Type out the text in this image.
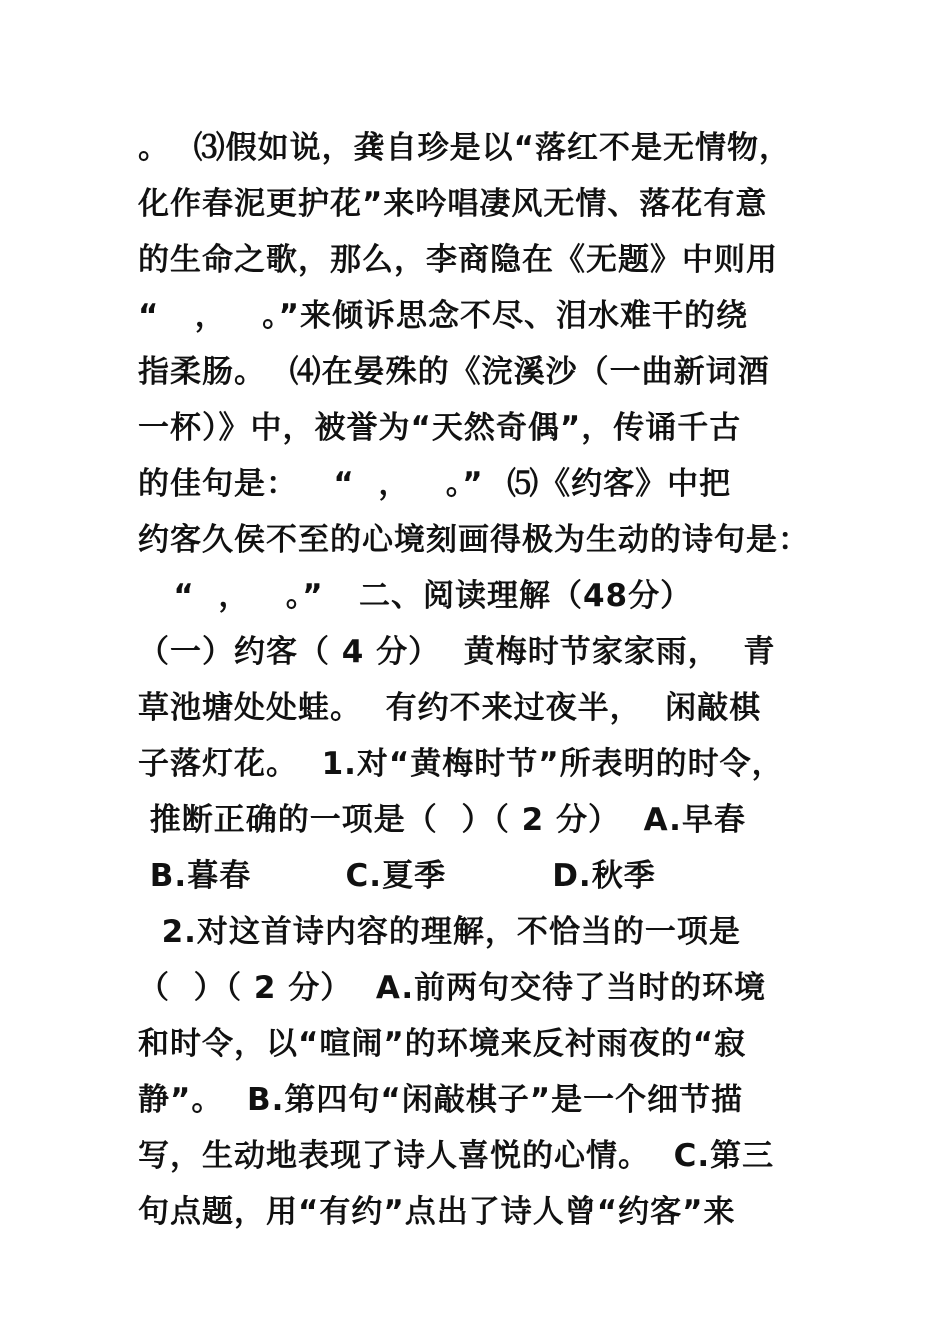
。  ⑶假如说，龚自珍是以“落红不是无情物，
化作春泥更护花”来吟唱凄风无情、落花有意
的生命之歌，那么，李商隐在《无题》中则用
“   ，   。”来倾诉思念不尽、泪水难干的绕
指柔肠。  ⑷在晏殊的《浣溪沙（一曲新词酒
一杯）》中，被誉为“天然奇偶”，传诵千古
的佳句是：   “  ，   。”  ⑸《约客》中把
约客久侯不至的心境刻画得极为生动的诗句是：
“  ，   。”   二、阅读理解（48分）
（一）约客（ 4 分）  黄梅时节家家雨，  青
草池塘处处蛙。  有约不来过夜半，  闲敲棋
子落灯花。  1.对“黄梅时节”所表明的时令，
推断正确的一项是（  ）（ 2 分）  A.早春
B.暮春        C.夏季         D.秋季
2.对这首诗内容的理解，不恰当的一项是
（  ）（ 2 分）  A.前两句交待了当时的环境
和时令，以“喧闹”的环境来反衬雨夜的“寂
静”。  B.第四句“闲敲棋子”是一个细节描
写，生动地表现了诗人喜悦的心情。  C.第三
句点题，用“有约”点出了诗人曾“约客”来
